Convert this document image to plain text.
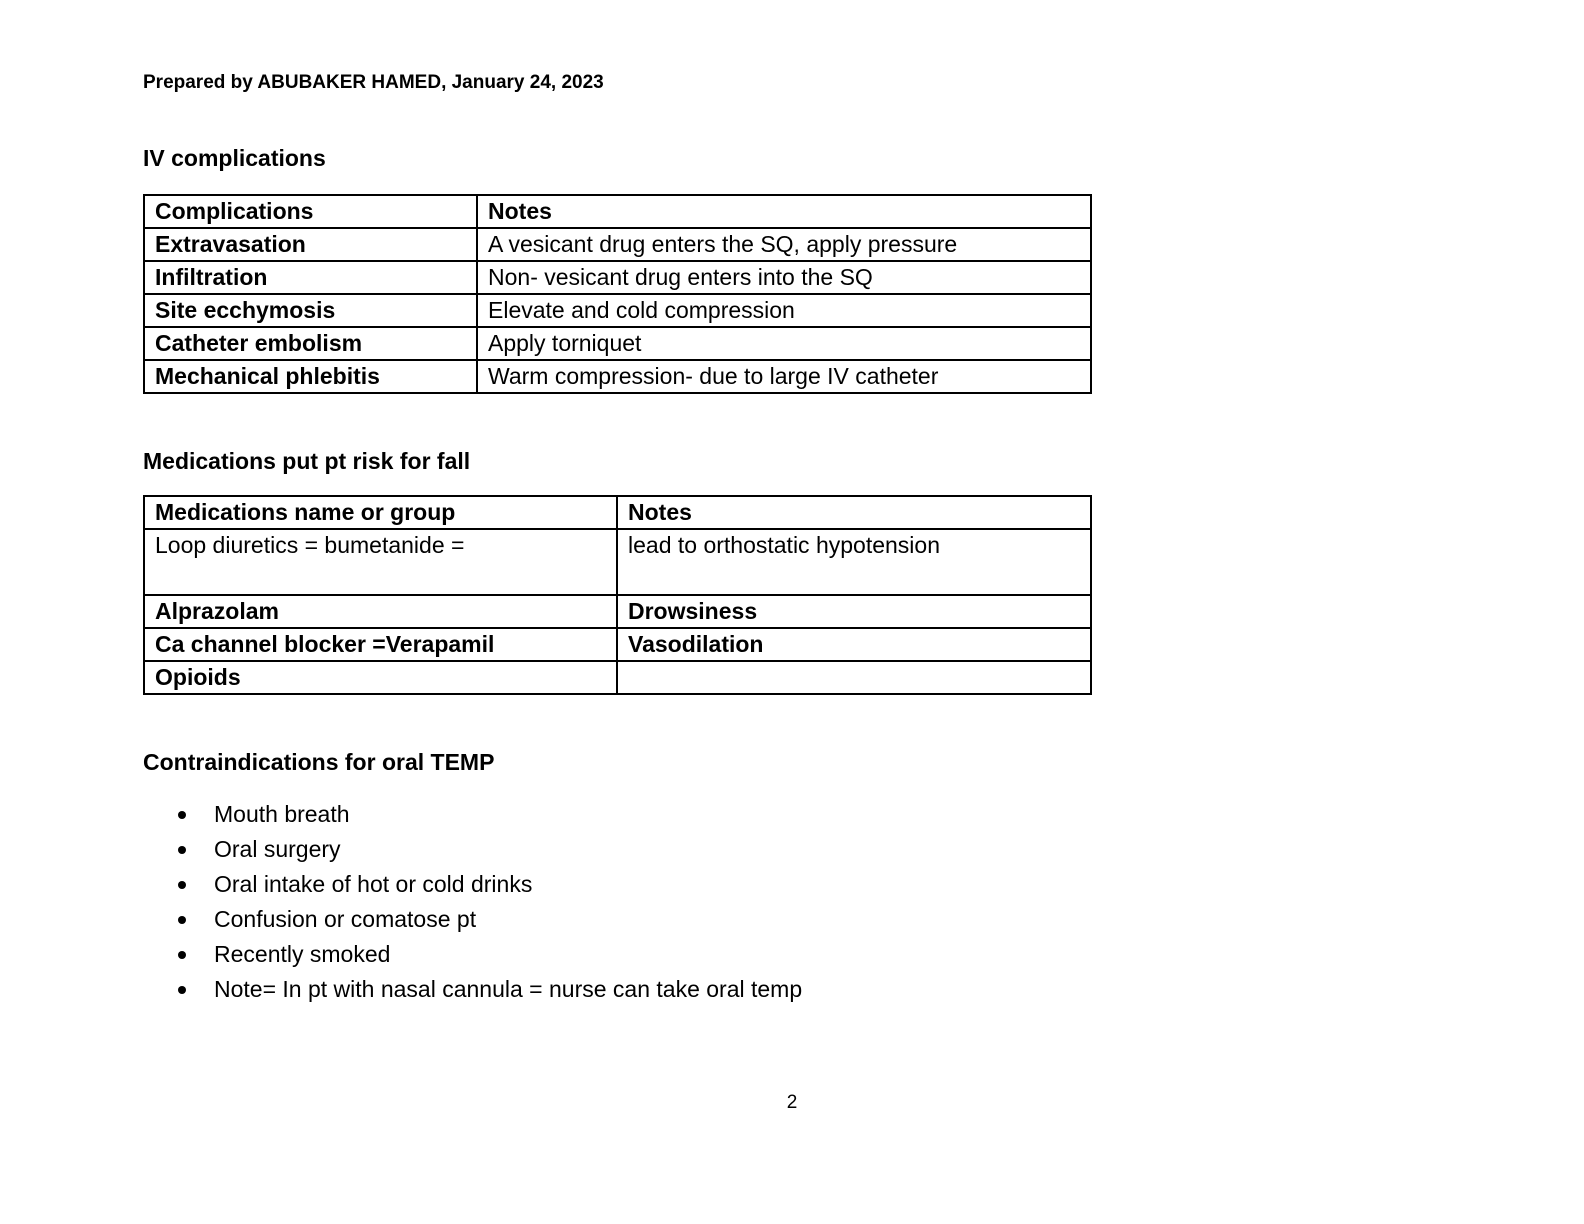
Prepared by ABUBAKER HAMED, January 24, 2023
IV complications
Complications	Notes
Extravasation	A vesicant drug enters the SQ, apply pressure
Infiltration	Non- vesicant drug enters into the SQ
Site ecchymosis	Elevate and cold compression
Catheter embolism	Apply torniquet
Mechanical phlebitis	Warm compression- due to large IV catheter
Medications put pt risk for fall
Medications name or group	Notes
Loop diuretics = bumetanide =	lead to orthostatic hypotension
Alprazolam	Drowsiness
Ca channel blocker =Verapamil	Vasodilation
Opioids	
Contraindications for oral TEMP
Mouth breath
Oral surgery
Oral intake of hot or cold drinks
Confusion or comatose pt
Recently smoked
Note= In pt with nasal cannula = nurse can take oral temp
2
